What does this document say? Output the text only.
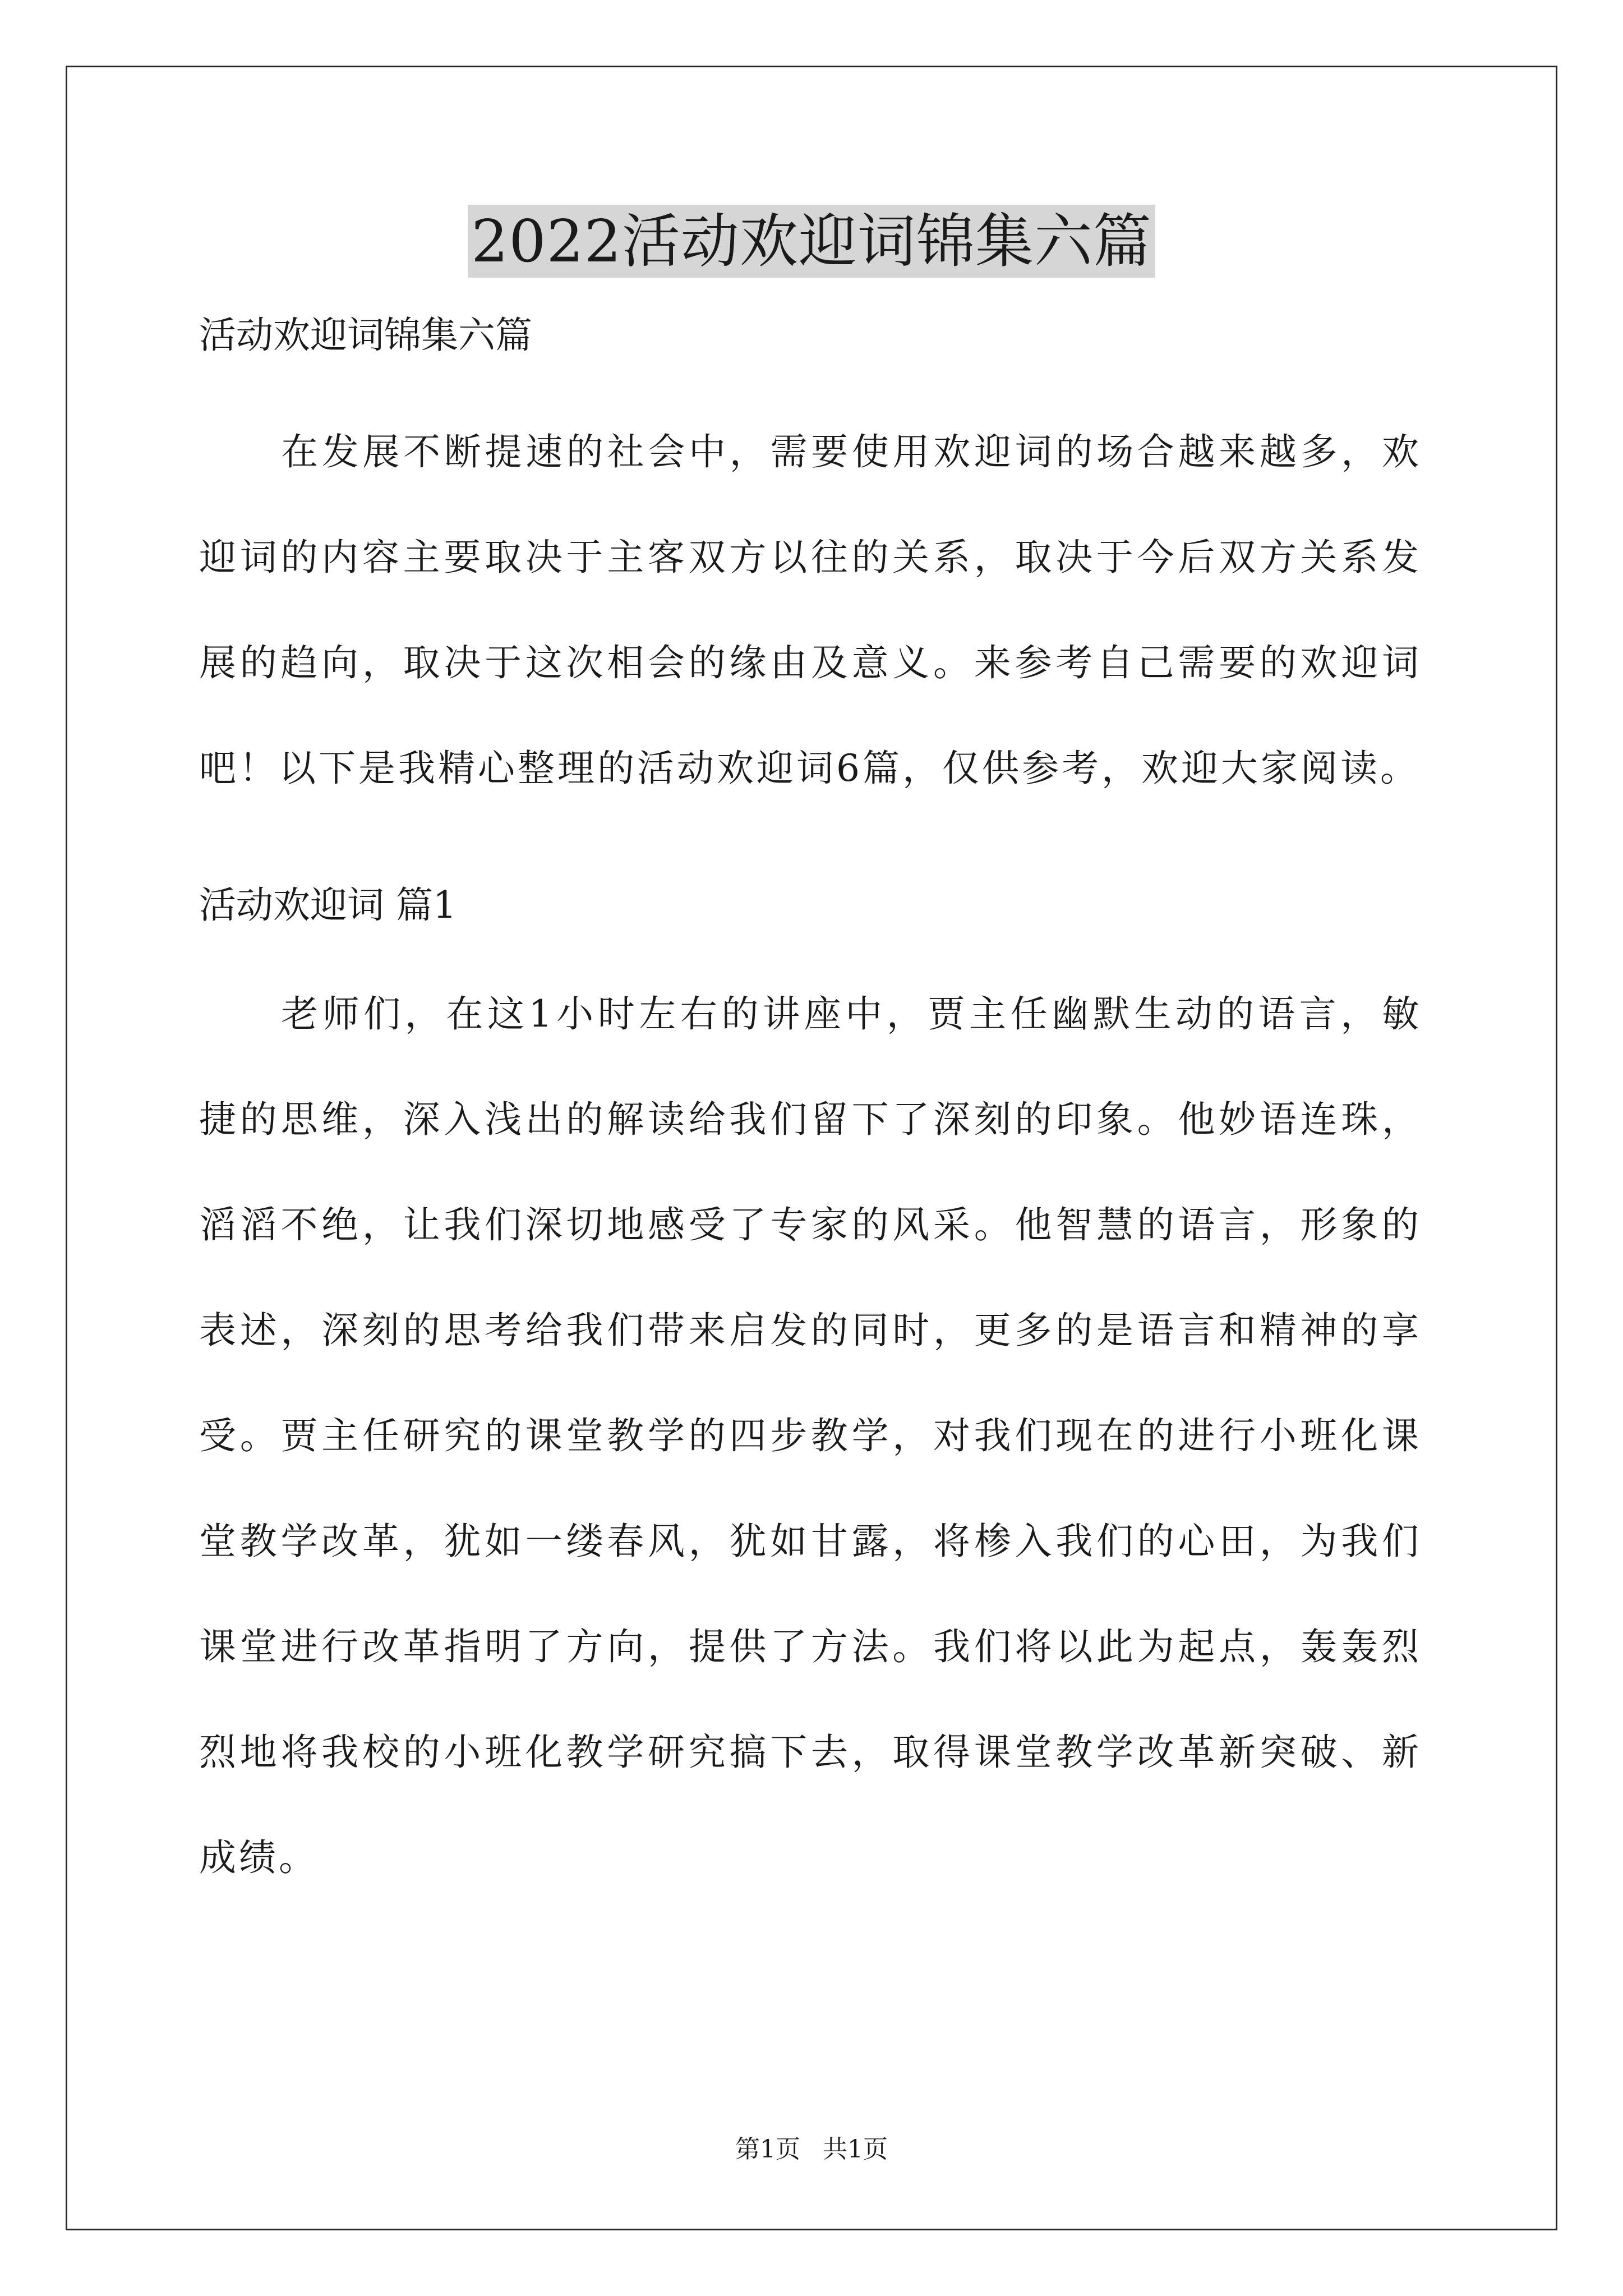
2022活动欢迎词锦集六篇

活动欢迎词锦集六篇

在发展不断提速的社会中，需要使用欢迎词的场合越来越多，欢迎词的内容主要取决于主客双方以往的关系，取决于今后双方关系发展的趋向，取决于这次相会的缘由及意义。来参考自己需要的欢迎词吧！以下是我精心整理的活动欢迎词6篇，仅供参考，欢迎大家阅读。

活动欢迎词 篇1

老师们，在这1小时左右的讲座中，贾主任幽默生动的语言，敏捷的思维，深入浅出的解读给我们留下了深刻的印象。他妙语连珠，滔滔不绝，让我们深切地感受了专家的风采。他智慧的语言，形象的表述，深刻的思考给我们带来启发的同时，更多的是语言和精神的享受。贾主任研究的课堂教学的四步教学，对我们现在的进行小班化课堂教学改革，犹如一缕春风，犹如甘露，将椮入我们的心田，为我们课堂进行改革指明了方向，提供了方法。我们将以此为起点，轰轰烈烈地将我校的小班化教学研究搞下去，取得课堂教学改革新突破、新成绩。

第1页 共1页
